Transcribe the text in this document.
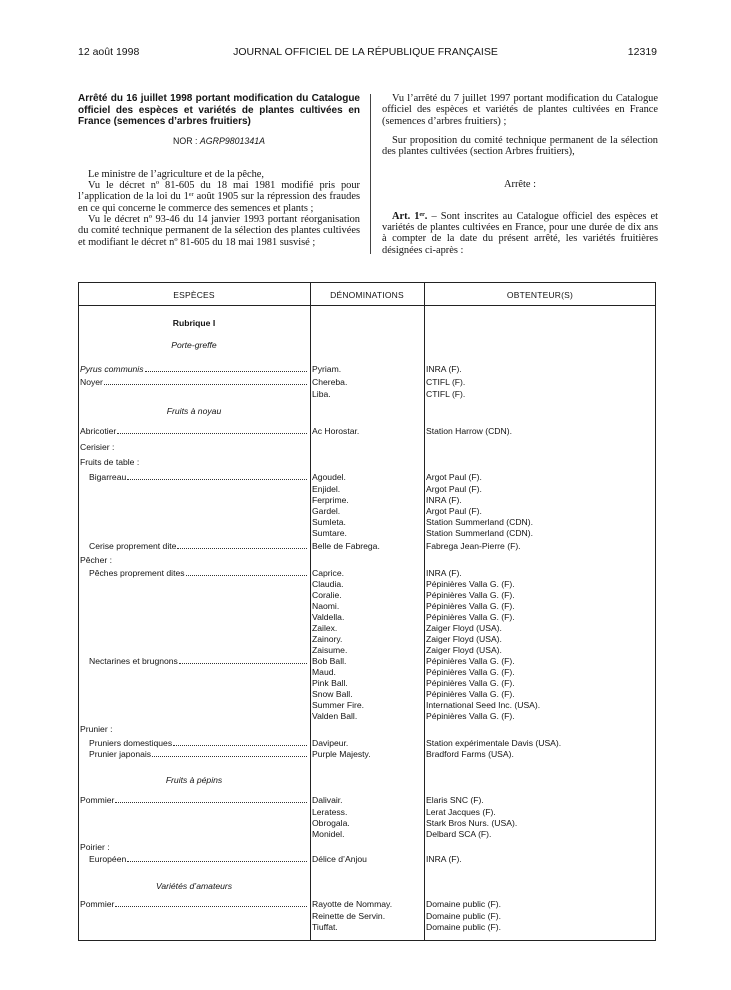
12 août 1998	JOURNAL OFFICIEL DE LA RÉPUBLIQUE FRANÇAISE	12319
Arrêté du 16 juillet 1998 portant modification du Catalogue officiel des espèces et variétés de plantes cultivées en France (semences d’arbres fruitiers)
NOR : AGRP9801341A

Le ministre de l’agriculture et de la pêche,

Vu le décret nº 81-605 du 18 mai 1981 modifié pris pour l’application de la loi du 1ᵉʳ août 1905 sur la répression des fraudes en ce qui concerne le commerce des semences et plants ;

Vu le décret nº 93-46 du 14 janvier 1993 portant réorganisation du comité technique permanent de la sélection des plantes cultivées et modifiant le décret nº 81-605 du 18 mai 1981 susvisé ;

Vu l’arrêté du 7 juillet 1997 portant modification du Catalogue officiel des espèces et variétés de plantes cultivées en France (semences d’arbres fruitiers) ;

Sur proposition du comité technique permanent de la sélection des plantes cultivées (section Arbres fruitiers),

Arrête :

Art. 1ᵉʳ. – Sont inscrites au Catalogue officiel des espèces et variétés de plantes cultivées en France, pour une durée de dix ans à compter de la date du présent arrêté, les variétés fruitières désignées ci-après :

ESPÈCES	DÉNOMINATIONS	OBTENTEUR(S)
Rubrique I
Porte-greffe
Fruits à noyau
Fruits à pépins
Variétés d’amateurs
Pyrus communis	Pyriam.	INRA (F).
Noyer	Chereba.	CTIFL (F).
Liba.	CTIFL (F).
Abricotier	Ac Horostar.	Station Harrow (CDN).
Cerisier :
Fruits de table :
Bigarreau	Agoudel.	Argot Paul (F).
Enjidel.	Argot Paul (F).
Ferprime.	INRA (F).
Gardel.	Argot Paul (F).
Sumleta.	Station Summerland (CDN).
Sumtare.	Station Summerland (CDN).
Cerise proprement dite	Belle de Fabrega.	Fabrega Jean-Pierre (F).
Pêcher :
Pêches proprement dites	Caprice.	INRA (F).
Claudia.	Pépinières Valla G. (F).
Coralie.	Pépinières Valla G. (F).
Naomi.	Pépinières Valla G. (F).
Valdella.	Pépinières Valla G. (F).
Zailex.	Zaiger Floyd (USA).
Zainory.	Zaiger Floyd (USA).
Zaisume.	Zaiger Floyd (USA).
Nectarines et brugnons	Bob Ball.	Pépinières Valla G. (F).
Maud.	Pépinières Valla G. (F).
Pink Ball.	Pépinières Valla G. (F).
Snow Ball.	Pépinières Valla G. (F).
Summer Fire.	International Seed Inc. (USA).
Valden Ball.	Pépinières Valla G. (F).
Prunier :
Pruniers domestiques	Davipeur.	Station expérimentale Davis (USA).
Prunier japonais	Purple Majesty.	Bradford Farms (USA).
Pommier	Dalivair.	Elaris SNC (F).
Leratess.	Lerat Jacques (F).
Obrogala.	Stark Bros Nurs. (USA).
Monidel.	Delbard SCA (F).
Poirier :
Européen	Délice d’Anjou	INRA (F).
Pommier	Rayotte de Nommay.	Domaine public (F).
Reinette de Servin.	Domaine public (F).
Tiuffat.	Domaine public (F).
